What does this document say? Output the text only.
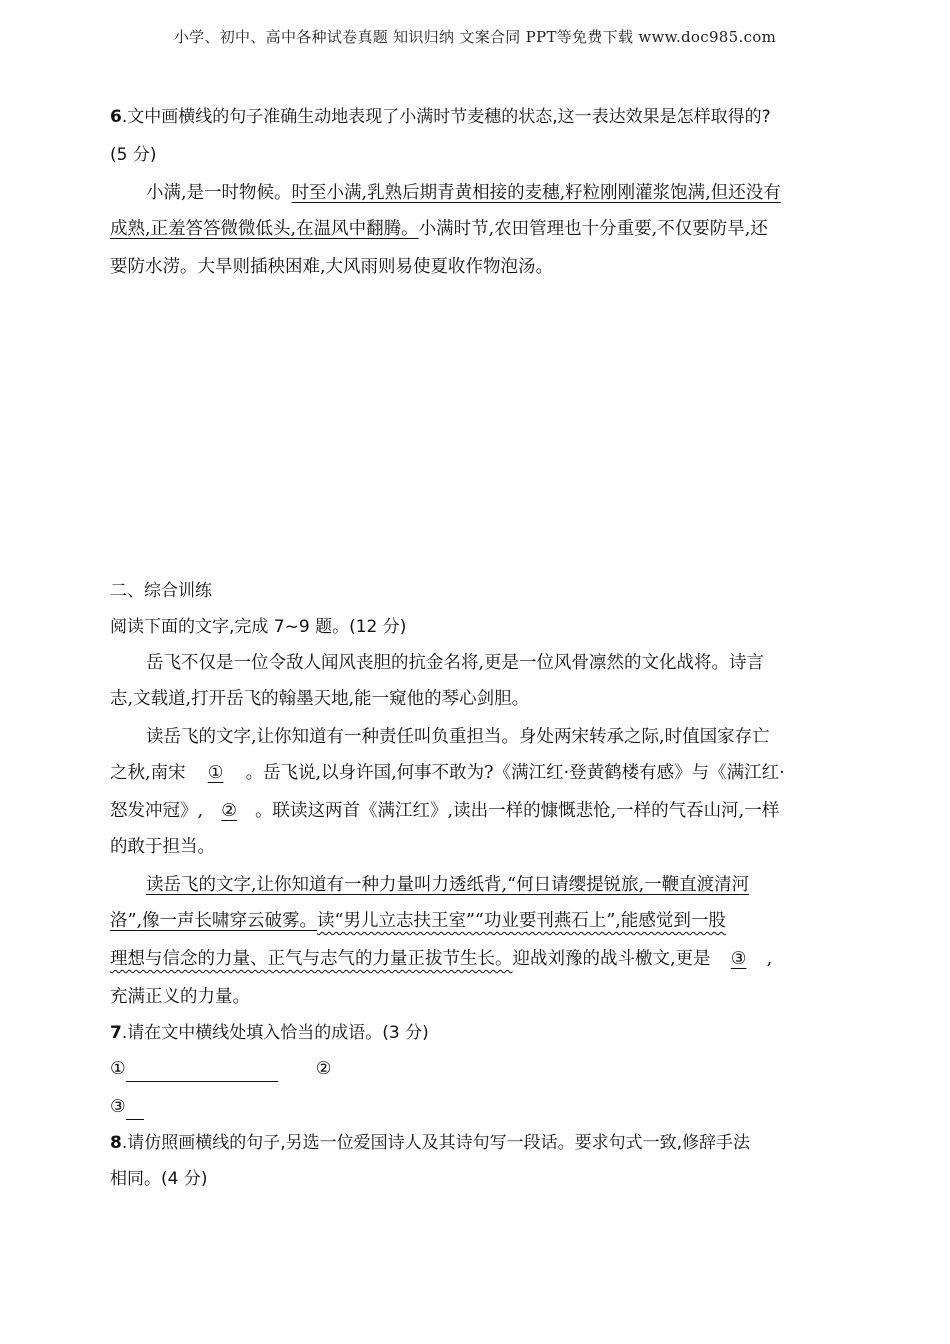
小学、初中、高中各种试卷真题 知识归纳 文案合同 PPT等免费下载 www.doc985.com
6.文中画横线的句子准确生动地表现了小满时节麦穗的状态,这一表达效果是怎样取得的?
(5 分)
小满,是一时物候。时至小满,乳熟后期青黄相接的麦穗,籽粒刚刚灌浆饱满,但还没有
成熟,正羞答答微微低头,在温风中翻腾。小满时节,农田管理也十分重要,不仅要防旱,还
要防水涝。大旱则插秧困难,大风雨则易使夏收作物泡汤。
二、综合训练
阅读下面的文字,完成 7~9 题。(12 分)
岳飞不仅是一位令敌人闻风丧胆的抗金名将,更是一位风骨凛然的文化战将。诗言
志,文载道,打开岳飞的翰墨天地,能一窥他的琴心剑胆。
读岳飞的文字,让你知道有一种责任叫负重担当。身处两宋转承之际,时值国家存亡
之秋,南宋 ① 。岳飞说,以身许国,何事不敢为?《满江红·登黄鹤楼有感》与《满江红·
怒发冲冠》, ② 。联读这两首《满江红》,读出一样的慷慨悲怆,一样的气吞山河,一样
的敢于担当。
读岳飞的文字,让你知道有一种力量叫力透纸背,“何日请缨提锐旅,一鞭直渡清河
洛”,像一声长啸穿云破雾。读“男儿立志扶王室”“功业要刊燕石上”,能感觉到一股
理想与信念的力量、正气与志气的力量正拔节生长。迎战刘豫的战斗檄文,更是 ③ ,
充满正义的力量。
7.请在文中横线处填入恰当的成语。(3 分)
①	②
③
8.请仿照画横线的句子,另选一位爱国诗人及其诗句写一段话。要求句式一致,修辞手法
相同。(4 分)
